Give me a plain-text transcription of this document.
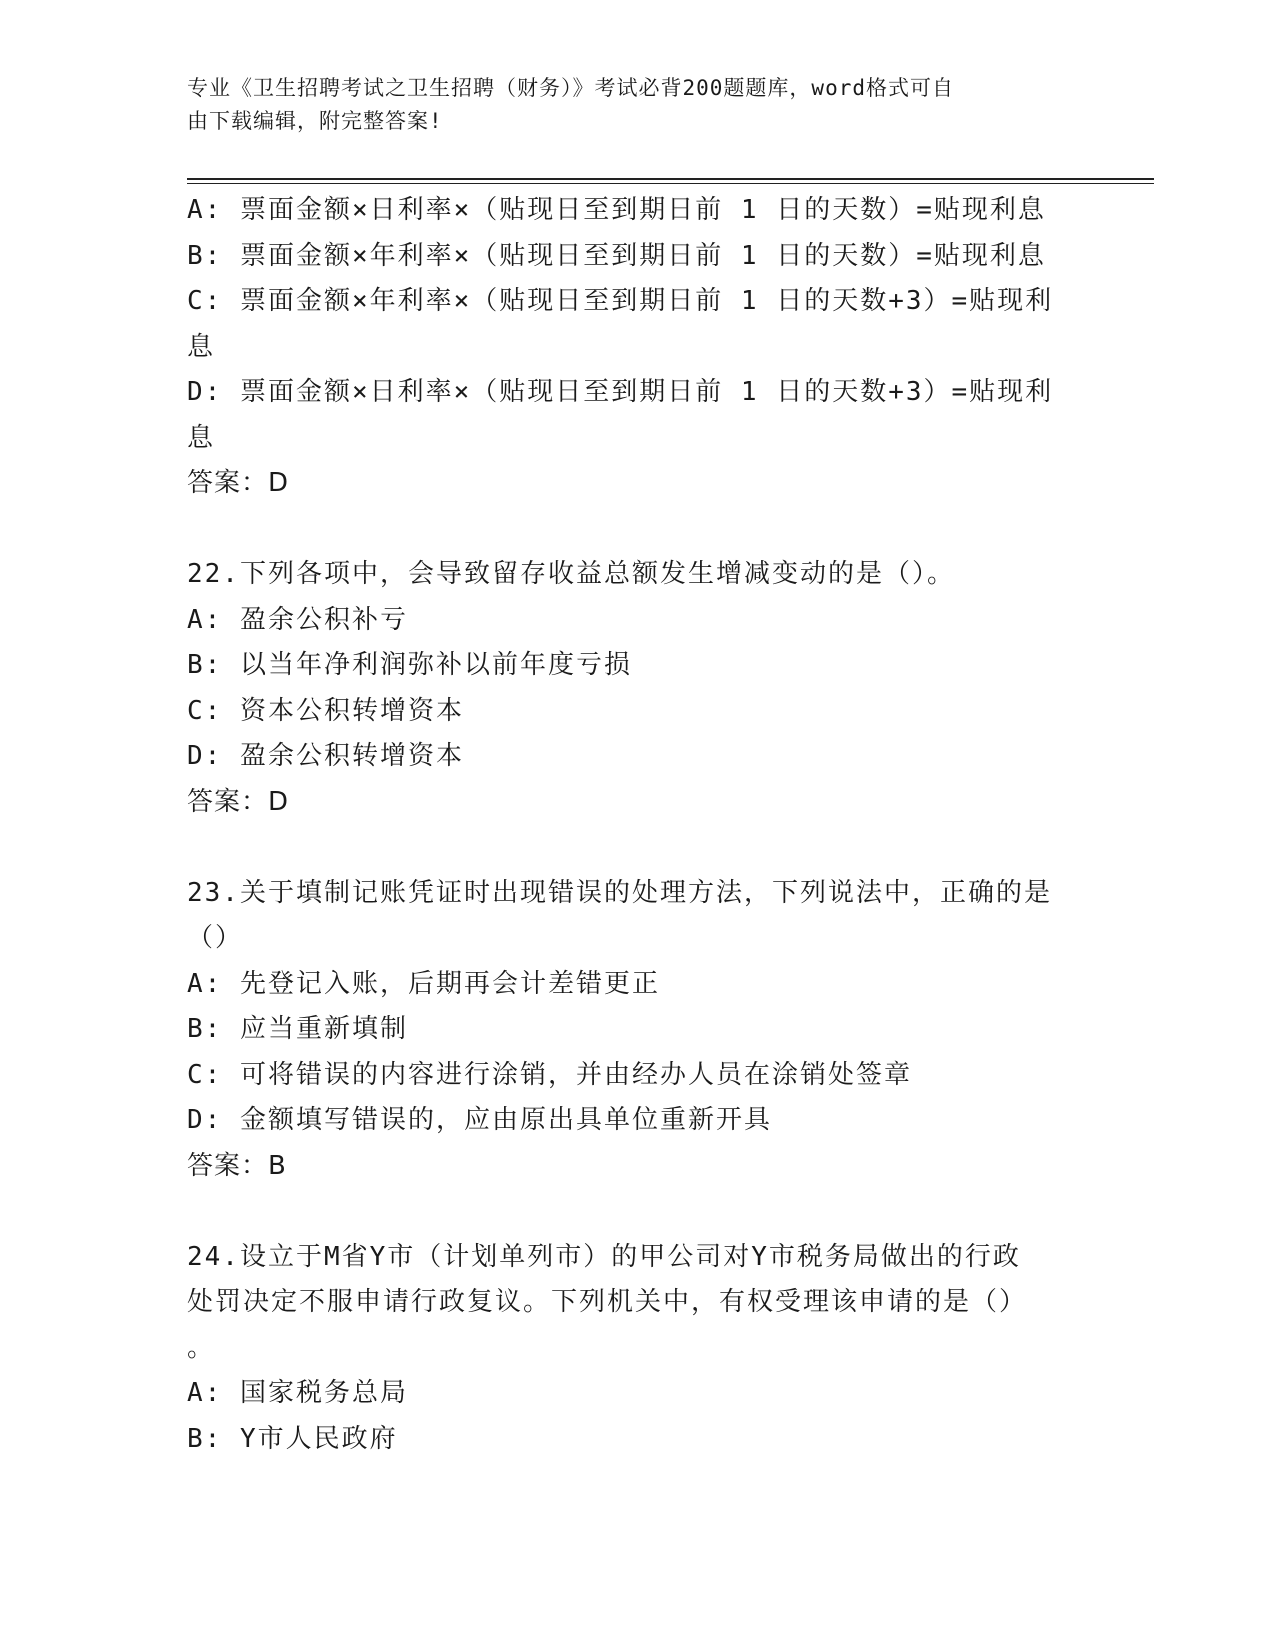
专业《卫生招聘考试之卫生招聘（财务）》考试必背200题题库，word格式可自
由下载编辑，附完整答案!
A: 票面金额×日利率×（贴现日至到期日前 1 日的天数）=贴现利息
B: 票面金额×年利率×（贴现日至到期日前 1 日的天数）=贴现利息
C: 票面金额×年利率×（贴现日至到期日前 1 日的天数+3）=贴现利
息
D: 票面金额×日利率×（贴现日至到期日前 1 日的天数+3）=贴现利
息
答案：D
22.下列各项中，会导致留存收益总额发生增减变动的是（）。
A: 盈余公积补亏
B: 以当年净利润弥补以前年度亏损
C: 资本公积转增资本
D: 盈余公积转增资本
答案：D
23.关于填制记账凭证时出现错误的处理方法，下列说法中，正确的是
（）
A: 先登记入账，后期再会计差错更正
B: 应当重新填制
C: 可将错误的内容进行涂销，并由经办人员在涂销处签章
D: 金额填写错误的，应由原出具单位重新开具
答案：B
24.设立于M省Y市（计划单列市）的甲公司对Y市税务局做出的行政
处罚决定不服申请行政复议。下列机关中，有权受理该申请的是（）
。
A: 国家税务总局
B: Y市人民政府
